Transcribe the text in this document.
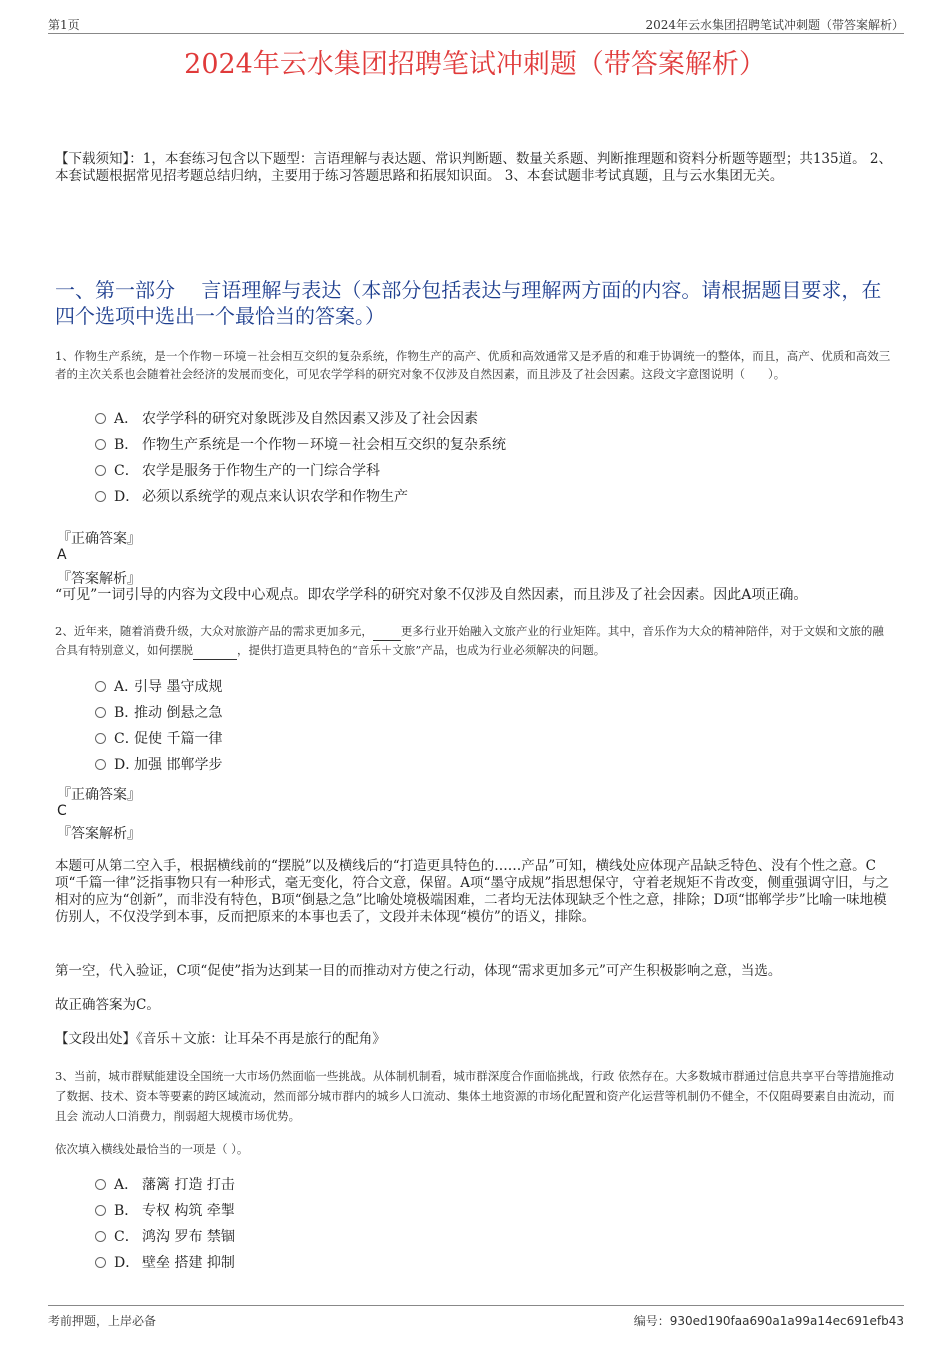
第1页	2024年云水集团招聘笔试冲刺题（带答案解析）
2024年云水集团招聘笔试冲刺题（带答案解析）
【下载须知】：1，本套练习包含以下题型：言语理解与表达题、常识判断题、数量关系题、判断推理题和资料分析题等题型；共135道。 2、本套试题根据常见招考题总结归纳，主要用于练习答题思路和拓展知识面。 3、本套试题非考试真题，且与云水集团无关。
一、第一部分　 言语理解与表达（本部分包括表达与理解两方面的内容。请根据题目要求，在四个选项中选出一个最恰当的答案。）
1、作物生产系统，是一个作物－环境－社会相互交织的复杂系统，作物生产的高产、优质和高效通常又是矛盾的和难于协调统一的整体，而且，高产、优质和高效三者的主次关系也会随着社会经济的发展而变化，可见农学学科的研究对象不仅涉及自然因素，而且涉及了社会因素。这段文字意图说明（　　）。
A． 农学学科的研究对象既涉及自然因素又涉及了社会因素
B． 作物生产系统是一个作物－环境－社会相互交织的复杂系统
C． 农学是服务于作物生产的一门综合学科
D． 必须以系统学的观点来认识农学和作物生产
『正确答案』
A
『答案解析』
“可见”一词引导的内容为文段中心观点。即农学学科的研究对象不仅涉及自然因素，而且涉及了社会因素。因此A项正确。
2、近年来，随着消费升级，大众对旅游产品的需求更加多元， 更多行业开始融入文旅产业的行业矩阵。其中，音乐作为大众的精神陪伴，对于文娱和文旅的融合具有特别意义，如何摆脱	，提供打造更具特色的“音乐＋文旅”产品，也成为行业必须解决的问题。
A．引导 墨守成规
B．推动 倒悬之急
C．促使 千篇一律
D．加强 邯郸学步
『正确答案』
C
『答案解析』
本题可从第二空入手，根据横线前的“摆脱”以及横线后的“打造更具特色的……产品”可知，横线处应体现产品缺乏特色、没有个性之意。C项“千篇一律”泛指事物只有一种形式，毫无变化，符合文意，保留。A项“墨守成规”指思想保守，守着老规矩不肯改变，侧重强调守旧，与之相对的应为“创新”，而非没有特色，B项“倒悬之急”比喻处境极端困难，二者均无法体现缺乏个性之意，排除；D项“邯郸学步”比喻一味地模仿别人，不仅没学到本事，反而把原来的本事也丢了，文段并未体现“模仿”的语义，排除。
第一空，代入验证，C项“促使”指为达到某一目的而推动对方使之行动，体现“需求更加多元”可产生积极影响之意，当选。
故正确答案为C。
【文段出处】《音乐＋文旅：让耳朵不再是旅行的配角》
3、当前，城市群赋能建设全国统一大市场仍然面临一些挑战。从体制机制看，城市群深度合作面临挑战，行政 依然存在。大多数城市群通过信息共享平台等措施推动了数据、技术、资本等要素的跨区域流动，然而部分城市群内的城乡人口流动、集体土地资源的市场化配置和资产化运营等机制仍不健全，不仅阻碍要素自由流动，而且会 流动人口消费力，削弱超大规模市场优势。
依次填入横线处最恰当的一项是（ ）。
A． 藩篱 打造 打击
B． 专权 构筑 牵掣
C． 鸿沟 罗布 禁锢
D． 壁垒 搭建 抑制
考前押题，上岸必备	编号：930ed190faa690a1a99a14ec691efb43
